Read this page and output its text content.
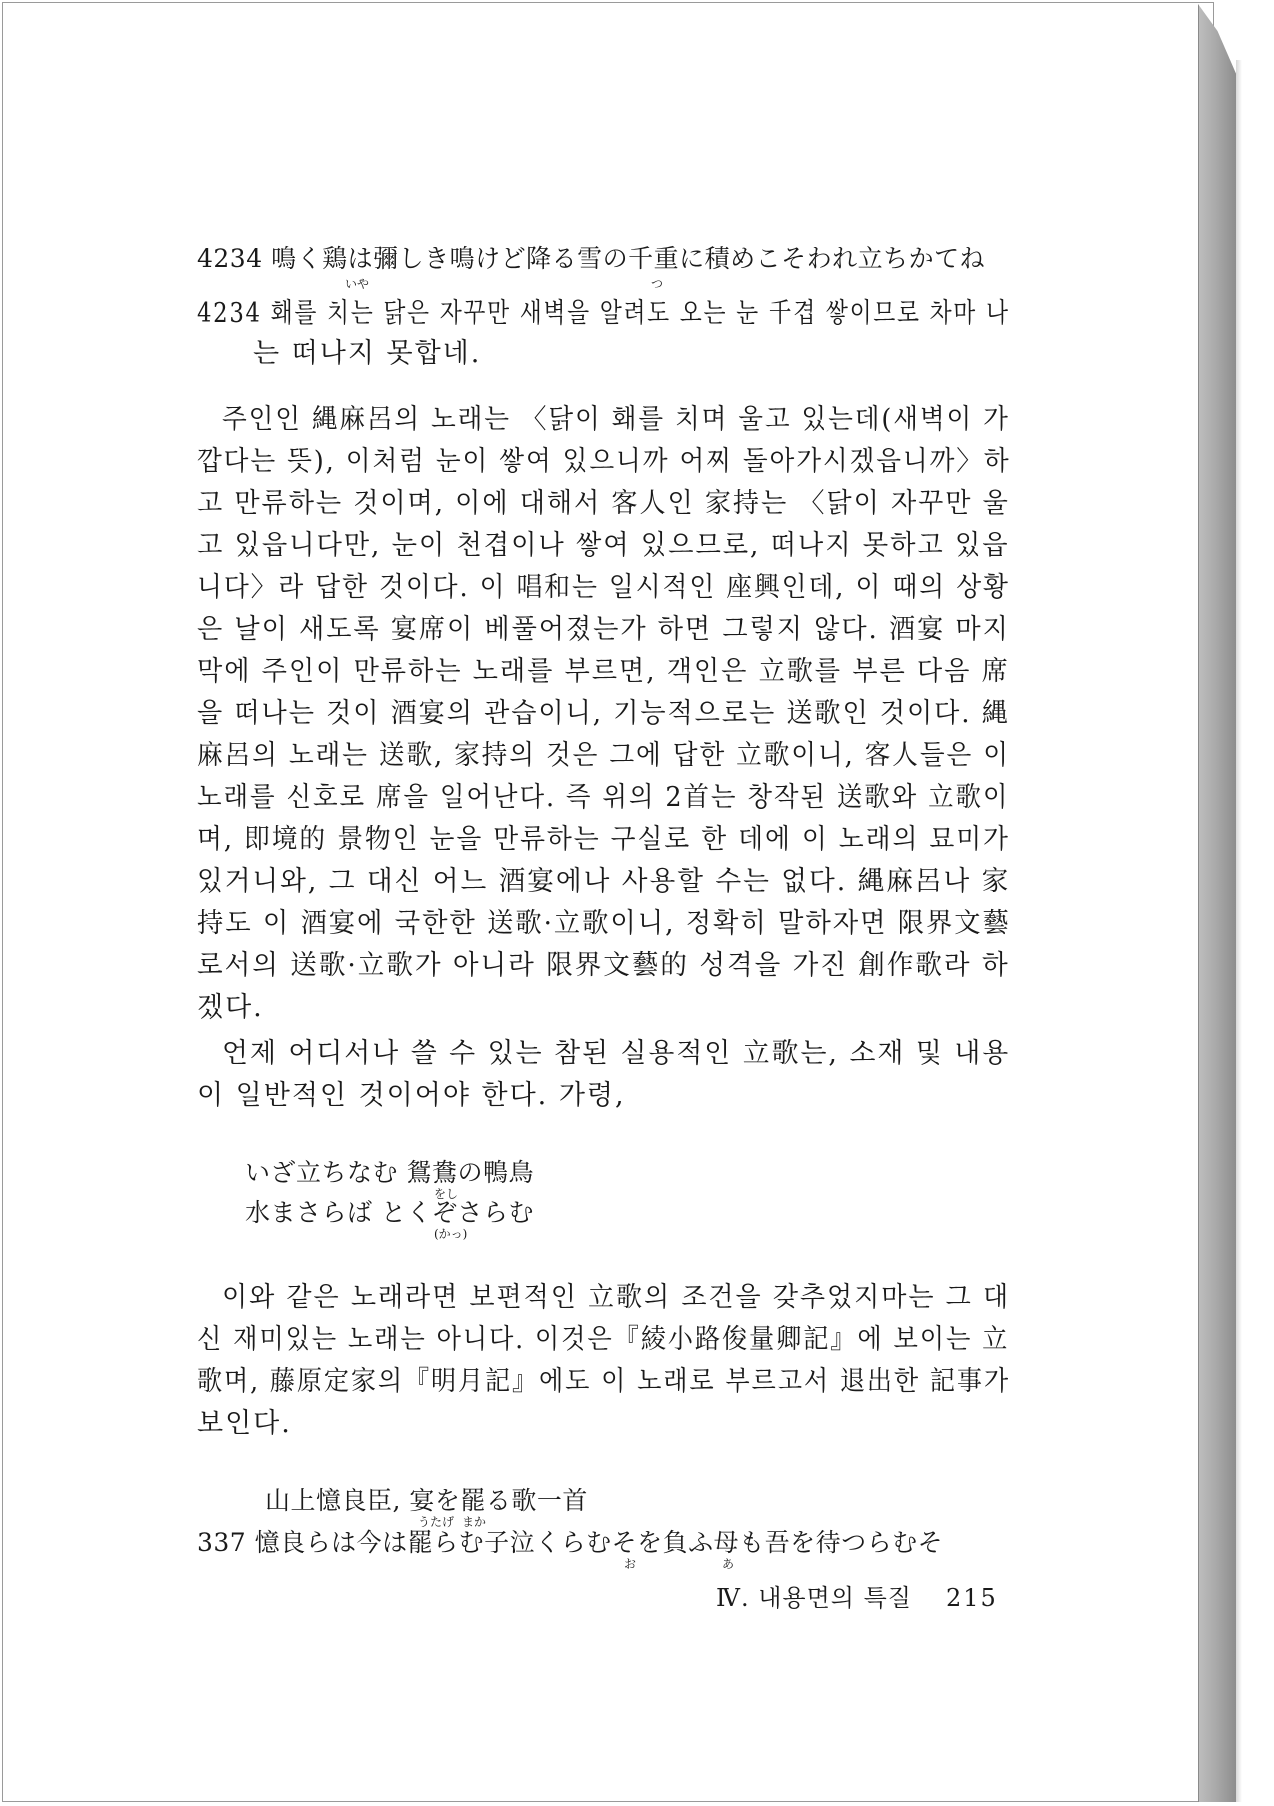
4234 鳴く鶏は彌しき鳴けど降る雪の千重に積めこそわれ立ちかてね
いや	つ
4234 홰를 치는 닭은 자꾸만 새벽을 알려도 오는 눈 千겹 쌓이므로 차마 나
는 떠나지 못합네.
주인인 縄麻呂의 노래는 〈닭이 홰를 치며 울고 있는데(새벽이 가
깝다는 뜻), 이처럼 눈이 쌓여 있으니까 어찌 돌아가시겠읍니까〉하
고 만류하는 것이며, 이에 대해서 客人인 家持는 〈닭이 자꾸만 울
고 있읍니다만, 눈이 천겹이나 쌓여 있으므로, 떠나지 못하고 있읍
니다〉라 답한 것이다. 이 唱和는 일시적인 座興인데, 이 때의 상황
은 날이 새도록 宴席이 베풀어졌는가 하면 그렇지 않다. 酒宴 마지
막에 주인이 만류하는 노래를 부르면, 객인은 立歌를 부른 다음 席
을 떠나는 것이 酒宴의 관습이니, 기능적으로는 送歌인 것이다. 縄
麻呂의 노래는 送歌, 家持의 것은 그에 답한 立歌이니, 客人들은 이
노래를 신호로 席을 일어난다. 즉 위의 2首는 창작된 送歌와 立歌이
며, 即境的 景物인 눈을 만류하는 구실로 한 데에 이 노래의 묘미가
있거니와, 그 대신 어느 酒宴에나 사용할 수는 없다. 縄麻呂나 家
持도 이 酒宴에 국한한 送歌·立歌이니, 정확히 말하자면 限界文藝
로서의 送歌·立歌가 아니라 限界文藝的 성격을 가진 創作歌라 하
겠다.
언제 어디서나 쓸 수 있는 참된 실용적인 立歌는, 소재 및 내용
이 일반적인 것이어야 한다. 가령,
いざ立ちなむ 鴛鴦の鴨鳥
をし
水まさらば とくぞさらむ
(かっ)
이와 같은 노래라면 보편적인 立歌의 조건을 갖추었지마는 그 대
신 재미있는 노래는 아니다. 이것은『綾小路俊量卿記』에 보이는 立
歌며, 藤原定家의『明月記』에도 이 노래로 부르고서 退出한 記事가
보인다.
山上憶良臣, 宴を罷る歌一首
うたげ まか
337 憶良らは今は罷らむ子泣くらむそを負ふ母も吾を待つらむそ
お	あ
Ⅳ. 내용면의 특질 215
